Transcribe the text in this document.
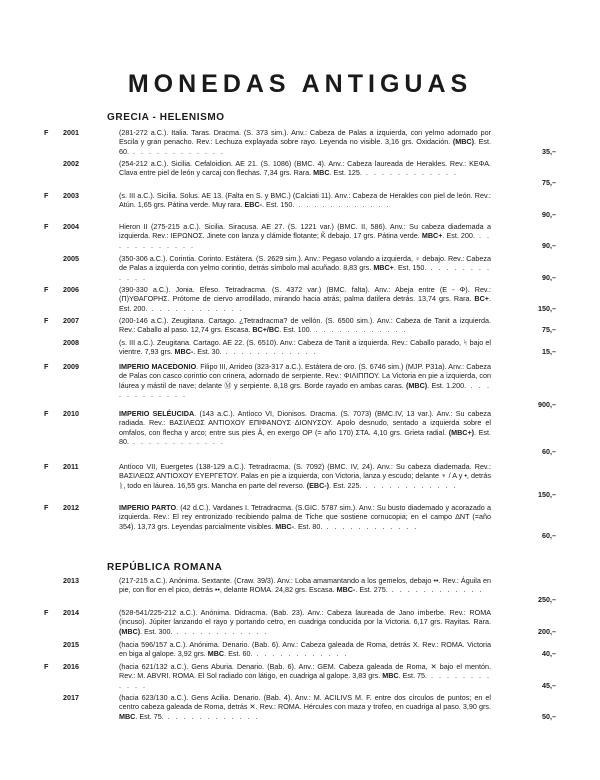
MONEDAS ANTIGUAS
GRECIA - HELENISMO
REPÚBLICA ROMANA
F 2001	(281-272 a.C.). Italia. Taras. Dracma. (S. 373 sim.). Anv.: Cabeza de Palas a izquierda, con yelmo adornado por Escila y gran penacho. Rev.: Lechuza explayada sobre rayo. Leyenda no visible. 3,16 grs. Oxidación. (MBC). Est. 60. . . . . . . . . . . . .	35,–
2002	(254-212 a.C.). Sicilia. Cefaloidion. AE 21. (S. 1086) (BMC. 4). Anv.: Cabeza laureada de Herakles. Rev.: ΚΕΦΑ. Clava entre piel de león y carcaj con flechas. 7,34 grs. Rara. MBC. Est. 125. . . . . . . . . . . . .
75,–
F 2003	(s. III a.C.). Sicilia. Solus. AE 13. (Falta en S. y BMC.) (Calciati 11). Anv.: Cabeza de Herakles con piel de león. Rev.: Atún. 1,65 grs. Pátina verde. Muy rara. EBC-. Est. 150. . . . . . . . . . . . .
90,–
F 2004	Hieron II (275-215 a.C.). Sicilia. Siracusa. AE 27. (S. 1221 var.) (BMC. II, 586). Anv.: Su cabeza diademada a izquierda. Rev.: ΙΕΡΩΝΟΣ. Jinete con lanza y clámide flotante; Ǩ debajo. 17 grs. Pátina verde. MBC+. Est. 200. . . . . . . . . . . . .	90,–
2005	(350-306 a.C.). Corintia. Corinto. Estátera. (S. 2629 sim.). Anv.: Pegaso volando a izquierda, ♀ debajo. Rev.: Cabeza de Palas a izquierda con yelmo corintio, detrás símbolo mal acuñado. 8,83 grs. MBC+. Est. 150. . . . . . . . . . . . .	90,–
F 2006	(390-330 a.C.). Jonia. Efeso. Tetradracma. (S. 4372 var.) (BMC. falta). Anv.: Abeja entre (E - Φ). Rev.: (Π)ΥΘΑΓΟΡΗΣ. Prótome de ciervo arrodillado, mirando hacia atrás; palma datilera detrás. 13,74 grs. Rara. BC+. Est. 200. . . . . . . . . . . . .	150,–
F 2007	(200-146 a.C.). Zeugitana. Cartago. ¿Tetradracma? de vellón. (S. 6500 sim.). Anv.: Cabeza de Tanit a izquierda. Rev.: Caballo al paso. 12,74 grs. Escasa. BC+/BC. Est. 100. . . . . . . . . . . . .	75,–
2008	(s. III a.C.). Zeugitana. Cartago. AE 22. (S. 6510). Anv.: Cabeza de Tanit a izquierda. Rev.: Caballo parado, ᛋ bajo el vientre. 7,93 grs. MBC-. Est. 30. . . . . . . . . . . . .	15,–
F 2009	IMPERIO MACEDONIO. Filipo III, Arrideo (323-317 a.C.). Estátera de oro. (S. 6746 sim.) (MJP. P31a). Anv.: Cabeza de Palas con casco corintio con crinera, adornado de serpiente. Rev.: ΦΙΛΙΠΠΟΥ. La Victoria en pie a izquierda, con láurea y mástil de nave; delante Ⓜ y serpiente. 8,18 grs. Borde rayado en ambas caras. (MBC). Est. 1.200. . . . . . . . . . . . .
900,–
F 2010	IMPERIO SELÉUCIDA. (143 a.C.). Antíoco VI, Dionisos. Dracma. (S. 7073) (BMC.IV, 13 var.). Anv.: Su cabeza radiada. Rev.: ΒΑΣΙΛΕΩΣ ΑΝΤΙΟΧΟΥ ΕΠΙΦΑΝΟΥΣ ΔΙΟΝΥΣΟΥ. Apolo desnudo, sentado a izquierda sobre el omfalos, con flecha y arco; entre sus pies Ȃ, en exergo OP (= año 170) ΣΤΑ. 4,10 grs. Grieta radial. (MBC+). Est. 80. . . . . . . . . . . . .
60,–
F 2011	Antíoco VII, Euergetes (138-129 a.C.). Tetradracma. (S. 7092) (BMC. IV, 24). Anv.: Su cabeza diademada. Rev.: ΒΑΣΙΛΕΩΣ ΑΝΤΙΟΧΟΥ ΕΥΕΡΓΕΤΟΥ. Palas en pie a izquierda, con Victoria, lanza y escudo; delante ♆ / A y •, detrás ᚱ, todo en láurea. 16,55 grs. Mancha en parte del reverso. (EBC-). Est. 225. . . . . . . . . . . . .
150,–
F 2012	IMPERIO PARTO. (42 d.C.). Vardanes I. Tetradracma. (S.GIC. 5787 sim.). Anv.: Su busto diademado y acorazado a izquierda. Rev.: El rey entronizado recibiendo palma de Tiche que sostiene cornucopia; en el campo ΔΝΤ (=año 354). 13,73 grs. Leyendas parcialmente visibles. MBC-. Est. 80. . . . . . . . . . . . .
60,–
2013	(217-215 a.C.). Anónima. Sextante. (Craw. 39/3). Anv.: Loba amamantando a los gemelos, debajo ••. Rev.: Águila en pie, con flor en el pico, detrás ••, delante ROMA. 24,82 grs. Escasa. MBC-. Est. 275. . . . . . . . . . . . .
250,–
F 2014	(528-541/225-212 a.C.). Anónima. Didracma. (Bab. 23). Anv.: Cabeza laureada de Jano imberbe. Rev.: ROMA (incuso). Júpiter lanzando el rayo y portando cetro, en cuadriga conducida por la Victoria. 6,17 grs. Rayitas. Rara. (MBC). Est. 300. . . . . . . . . . . . .	200,–
2015	(hacia 596/157 a.C.). Anónima. Denario. (Bab. 6). Anv.: Cabeza galeada de Roma, detrás X. Rev.: ROMA. Victoria en biga al galope. 3,92 grs. MBC. Est. 60. . . . . . . . . . . . .	40,–
F 2016	(hacia 621/132 a.C.). Gens Aburia. Denario. (Bab. 6). Anv.: GEM. Cabeza galeada de Roma, ✕ bajo el mentón. Rev.: M. ABVRI. ROMA. El Sol radiado con látigo, en cuadriga al galope. 3,83 grs. MBC. Est. 75. . . . . . . . . . . . .	45,–
2017	(hacia 623/130 a.C.). Gens Acilia. Denario. (Bab. 4). Anv.: M. ACILIVS M. F. entre dos círculos de puntos; en el centro cabeza galeada de Roma, detrás ✕. Rev.: ROMA. Hércules con maza y trofeo, en cuadriga al paso. 3,90 grs. MBC. Est. 75. . . . . . . . . . . . .	50,–
